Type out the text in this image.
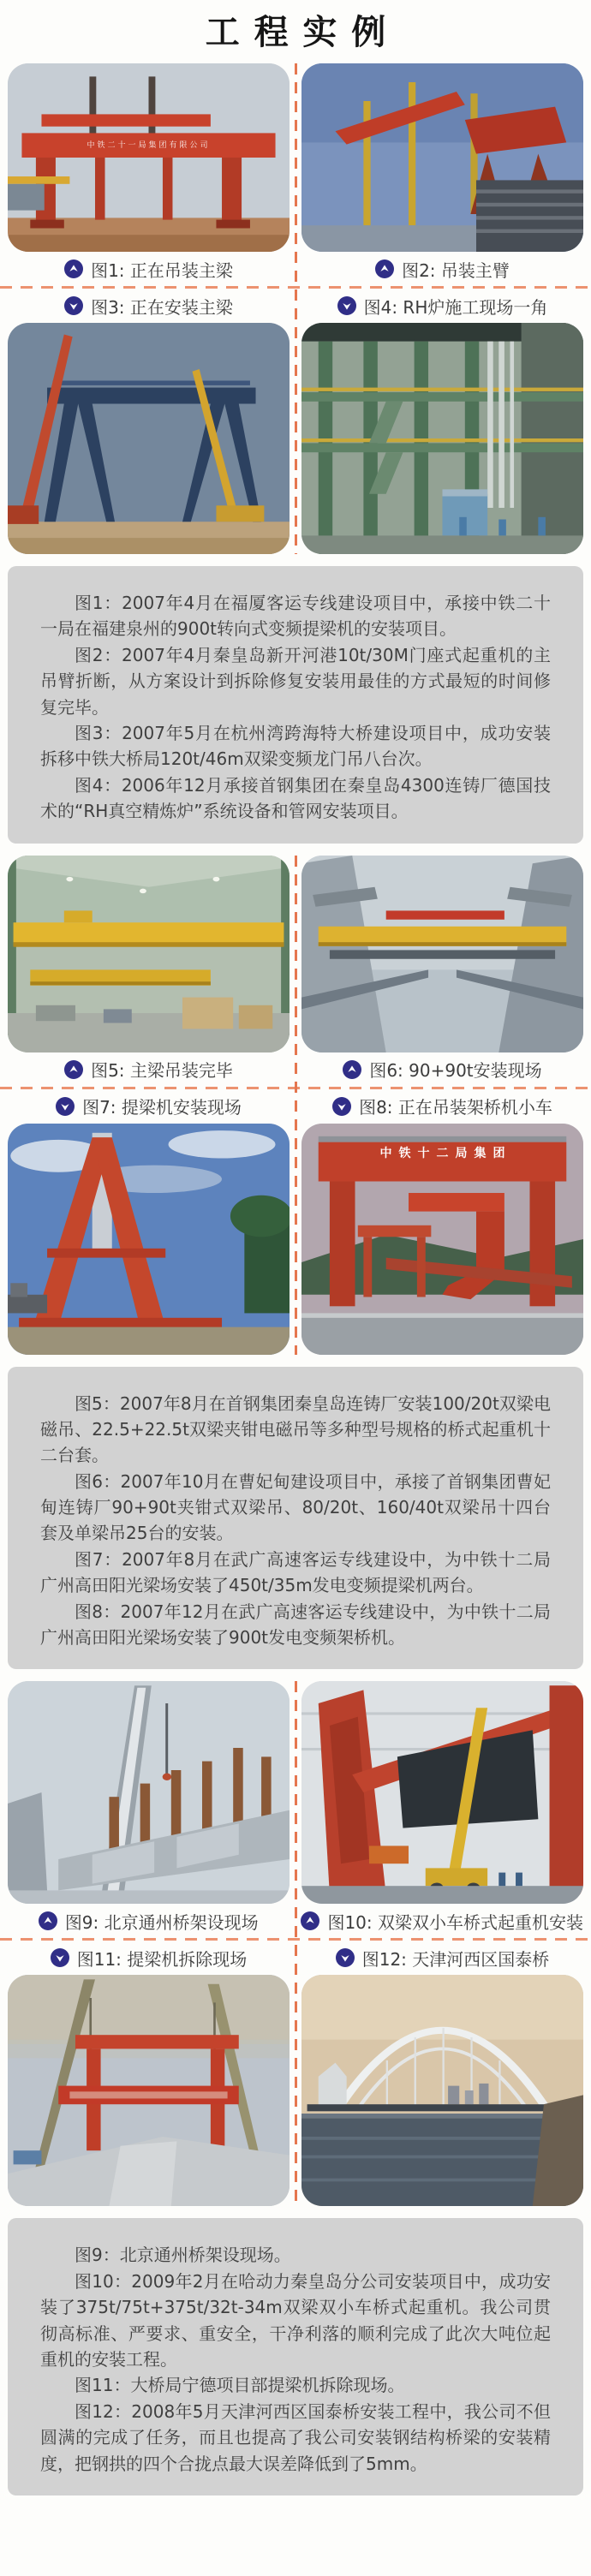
工程实例
中铁二十一局集团有限公司
图1: 正在吊装主梁	图2: 吊装主臂
图3: 正在安装主梁	图4: RH炉施工现场一角

图1：2007年4月在福厦客运专线建设项目中，承接中铁二十一局在福建泉州的900t转向式变频提梁机的安装项目。

图2：2007年4月秦皇岛新开河港10t/30M门座式起重机的主吊臂折断，从方案设计到拆除修复安装用最佳的方式最短的时间修复完毕。

图3：2007年5月在杭州湾跨海特大桥建设项目中，成功安装拆移中铁大桥局120t/46m双梁变频龙门吊八台次。

图4：2006年12月承接首钢集团在秦皇岛4300连铸厂德国技术的“RH真空精炼炉”系统设备和管网安装项目。

图5: 主梁吊装完毕	图6: 90+90t安装现场
图7: 提梁机安装现场	图8: 正在吊装架桥机小车
中铁十二局集团

图5：2007年8月在首钢集团秦皇岛连铸厂安装100/20t双梁电磁吊、22.5+22.5t双梁夹钳电磁吊等多种型号规格的桥式起重机十二台套。

图6：2007年10月在曹妃甸建设项目中，承接了首钢集团曹妃甸连铸厂90+90t夹钳式双梁吊、80/20t、160/40t双梁吊十四台套及单梁吊25台的安装。

图7：2007年8月在武广高速客运专线建设中，为中铁十二局广州高田阳光梁场安装了450t/35m发电变频提梁机两台。

图8：2007年12月在武广高速客运专线建设中，为中铁十二局广州高田阳光梁场安装了900t发电变频架桥机。

图9: 北京通州桥架设现场	图10: 双梁双小车桥式起重机安装
图11: 提梁机拆除现场	图12: 天津河西区国泰桥

图9：北京通州桥架设现场。

图10：2009年2月在哈动力秦皇岛分公司安装项目中，成功安装了375t/75t+375t/32t-34m双梁双小车桥式起重机。我公司贯彻高标准、严要求、重安全，干净利落的顺利完成了此次大吨位起重机的安装工程。

图11：大桥局宁德项目部提梁机拆除现场。

图12：2008年5月天津河西区国泰桥安装工程中，我公司不但圆满的完成了任务，而且也提高了我公司安装钢结构桥梁的安装精度，把钢拱的四个合拢点最大误差降低到了5mm。
